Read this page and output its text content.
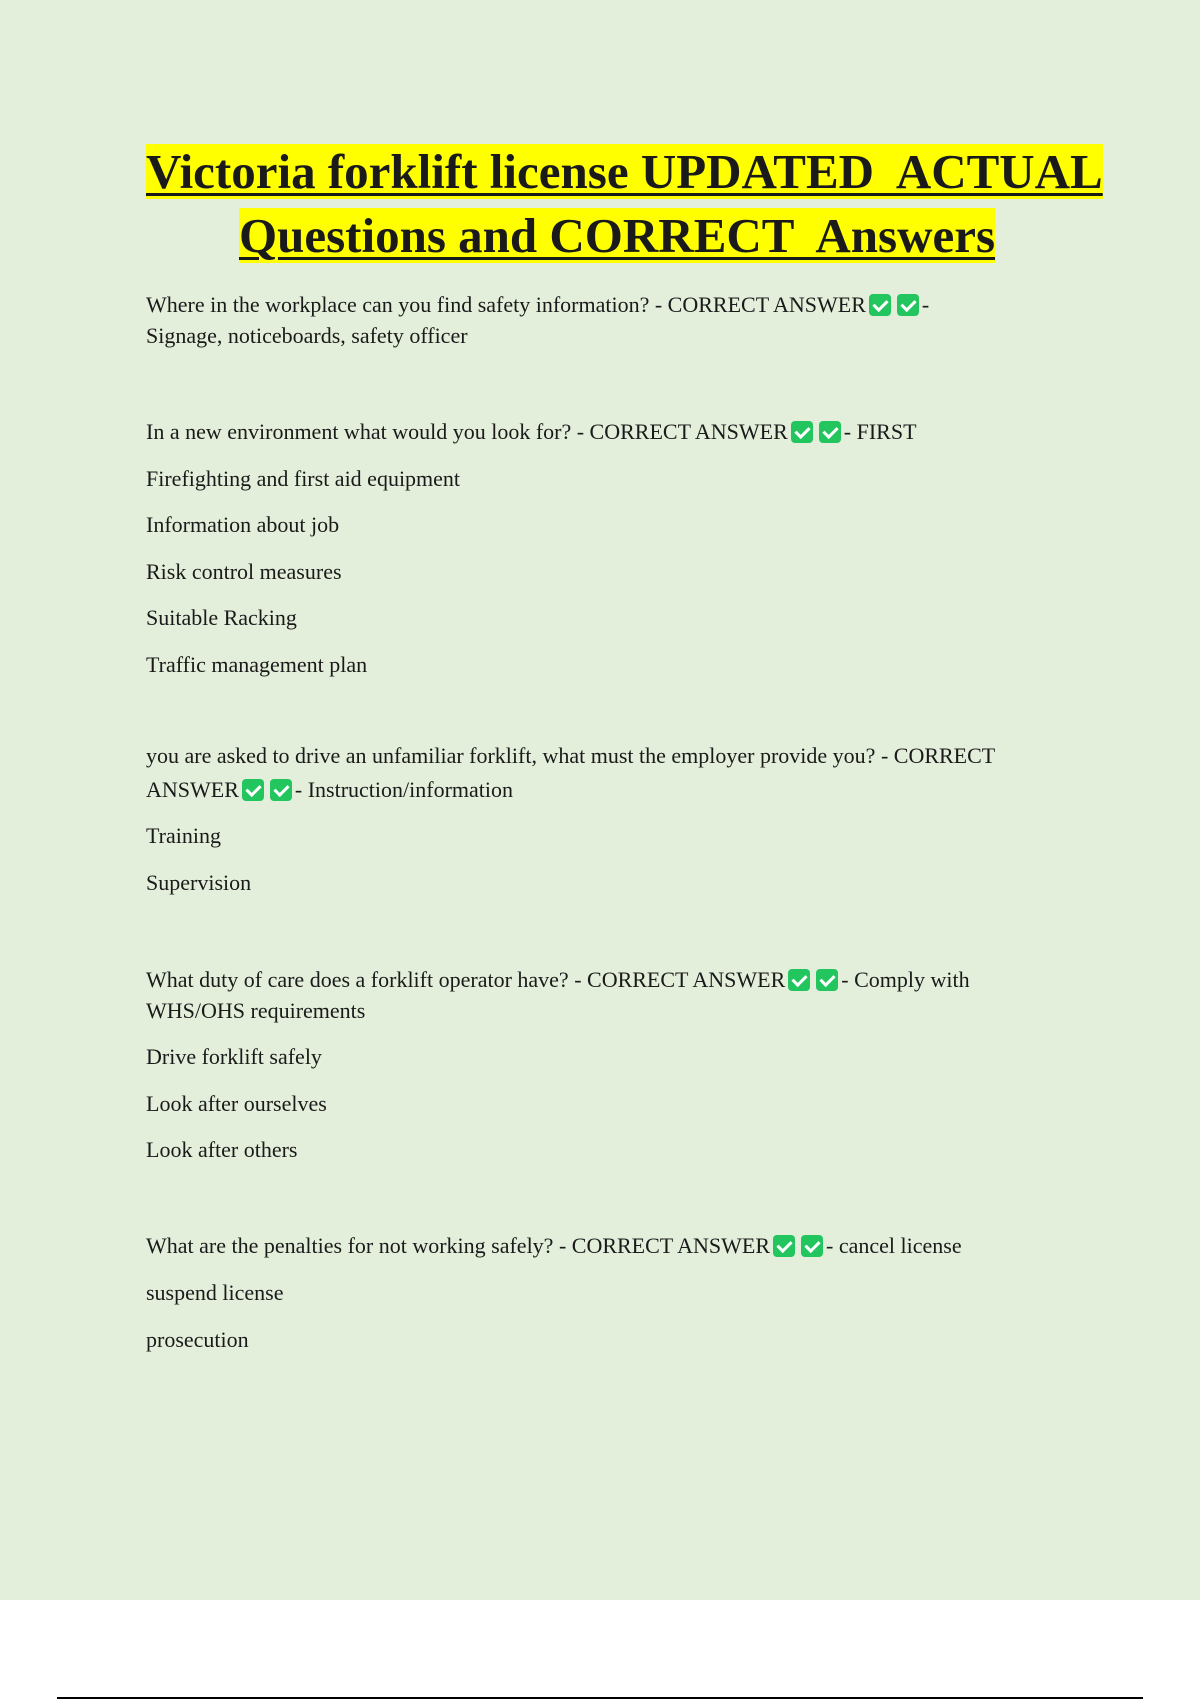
Victoria forklift license UPDATED  ACTUAL
Questions and CORRECT  Answers
Where in the workplace can you find safety information? - CORRECT ANSWER	-
Signage, noticeboards, safety officer
In a new environment what would you look for? - CORRECT ANSWER	- FIRST
Firefighting and first aid equipment
Information about job
Risk control measures
Suitable Racking
Traffic management plan
you are asked to drive an unfamiliar forklift, what must the employer provide you? - CORRECT
ANSWER	- Instruction/information
Training
Supervision
What duty of care does a forklift operator have? - CORRECT ANSWER	- Comply with
WHS/OHS requirements
Drive forklift safely
Look after ourselves
Look after others
What are the penalties for not working safely? - CORRECT ANSWER	- cancel license
suspend license
prosecution
